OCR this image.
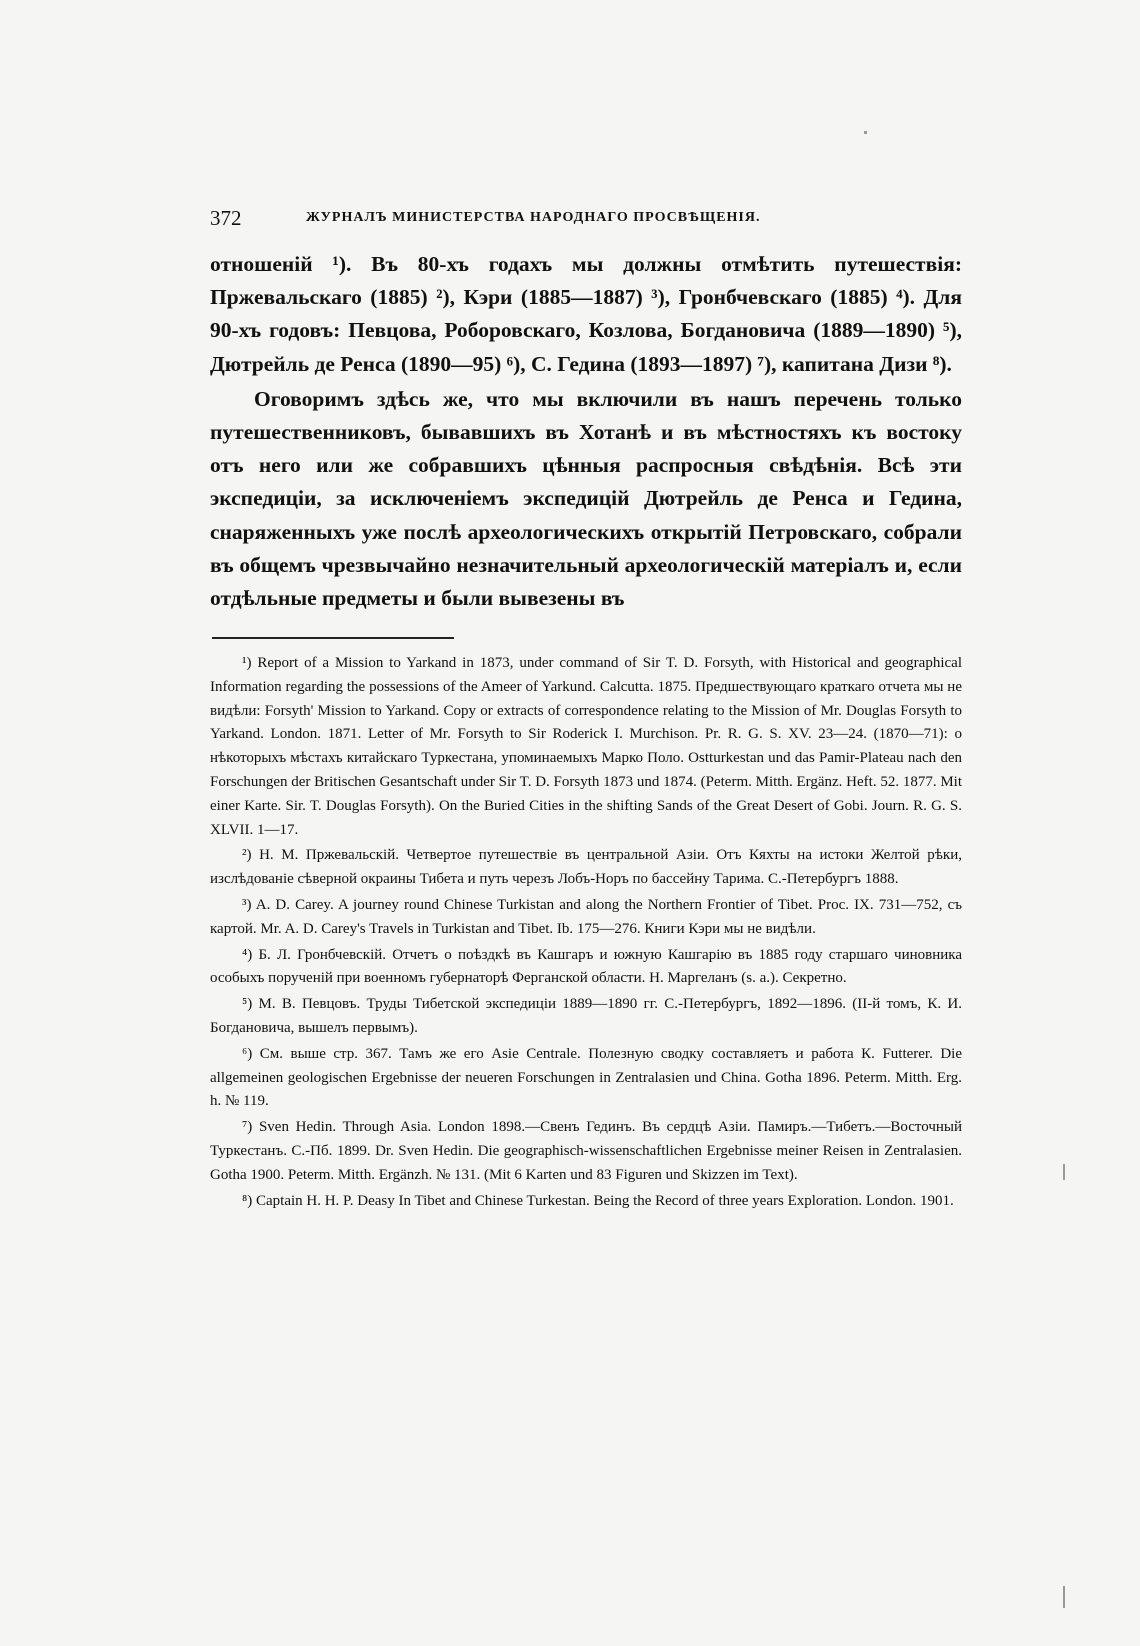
372	ЖУРНАЛЪ МИНИСТЕРСТВА НАРОДНАГО ПРОСВѢЩЕНІЯ.

отношеній ¹). Въ 80-хъ годахъ мы должны отмѣтить путешествія: Пржевальскаго (1885) ²), Кэри (1885—1887) ³), Гронбчевскаго (1885) ⁴). Для 90-хъ годовъ: Певцова, Роборовскаго, Козлова, Богдановича (1889—1890) ⁵), Дютрейль де Ренса (1890—95) ⁶), С. Гедина (1893—1897) ⁷), капитана Дизи ⁸).

Оговоримъ здѣсь же, что мы включили въ нашъ перечень только путешественниковъ, бывавшихъ въ Хотанѣ и въ мѣстностяхъ къ востоку отъ него или же собравшихъ цѣнныя распросныя свѣдѣнія. Всѣ эти экспедиціи, за исключеніемъ экспедицій Дютрейль де Ренса и Гедина, снаряженныхъ уже послѣ археологическихъ открытій Петровскаго, собрали въ общемъ чрезвычайно незначительный археологическій матеріалъ и, если отдѣльные предметы и были вывезены въ

¹) Report of a Mission to Yarkand in 1873, under command of Sir T. D. Forsyth, with Historical and geographical Information regarding the possessions of the Ameer of Yarkund. Calcutta. 1875. Предшествующаго краткаго отчета мы не видѣли: Forsyth' Mission to Yarkand. Copy or extracts of correspondence relating to the Mission of Mr. Douglas Forsyth to Yarkand. London. 1871. Letter of Mr. Forsyth to Sir Roderick I. Murchison. Pr. R. G. S. XV. 23—24. (1870—71): о нѣкоторыхъ мѣстахъ китайскаго Туркестана, упоминаемыхъ Марко Поло. Ostturkestan und das Pamir-Plateau nach den Forschungen der Britischen Gesantschaft under Sir T. D. Forsyth 1873 und 1874. (Peterm. Mitth. Ergänz. Heft. 52. 1877. Mit einer Karte. Sir. T. Douglas Forsyth). On the Buried Cities in the shifting Sands of the Great Desert of Gobi. Journ. R. G. S. XLVII. 1—17.

²) Н. М. Пржевальскій. Четвертое путешествіе въ центральной Азіи. Отъ Кяхты на истоки Желтой рѣки, изслѣдованіе сѣверной окраины Тибета и путь черезъ Лобъ-Норъ по бассейну Тарима. С.-Петербургъ 1888.

³) A. D. Carey. A journey round Chinese Turkistan and along the Northern Frontier of Tibet. Proc. IX. 731—752, съ картой. Mr. A. D. Carey's Travels in Turkistan and Tibet. Ib. 175—276. Книги Кэри мы не видѣли.

⁴) Б. Л. Гронбчевскій. Отчетъ о поѣздкѣ въ Кашгаръ и южную Кашгарію въ 1885 году старшаго чиновника особыхъ порученій при военномъ губернаторѣ Ферганской области. Н. Маргеланъ (s. a.). Секретно.

⁵) М. В. Певцовъ. Труды Тибетской экспедиціи 1889—1890 гг. С.-Петербургъ, 1892—1896. (II-й томъ, К. И. Богдановича, вышелъ первымъ).

⁶) См. выше стр. 367. Тамъ же его Asie Centrale. Полезную сводку составляетъ и работа К. Futterer. Die allgemeinen geologischen Ergebnisse der neueren Forschungen in Zentralasien und China. Gotha 1896. Peterm. Mitth. Erg. h. № 119.

⁷) Sven Hedin. Through Asia. London 1898.—Свенъ Гединъ. Въ сердцѣ Азіи. Памиръ.—Тибетъ.—Восточный Туркестанъ. С.-Пб. 1899. Dr. Sven Hedin. Die geographisch-wissenschaftlichen Ergebnisse meiner Reisen in Zentralasien. Gotha 1900. Peterm. Mitth. Ergänzh. № 131. (Mit 6 Karten und 83 Figuren und Skizzen im Text).

⁸) Captain H. H. P. Deasy In Tibet and Chinese Turkestan. Being the Record of three years Exploration. London. 1901.
